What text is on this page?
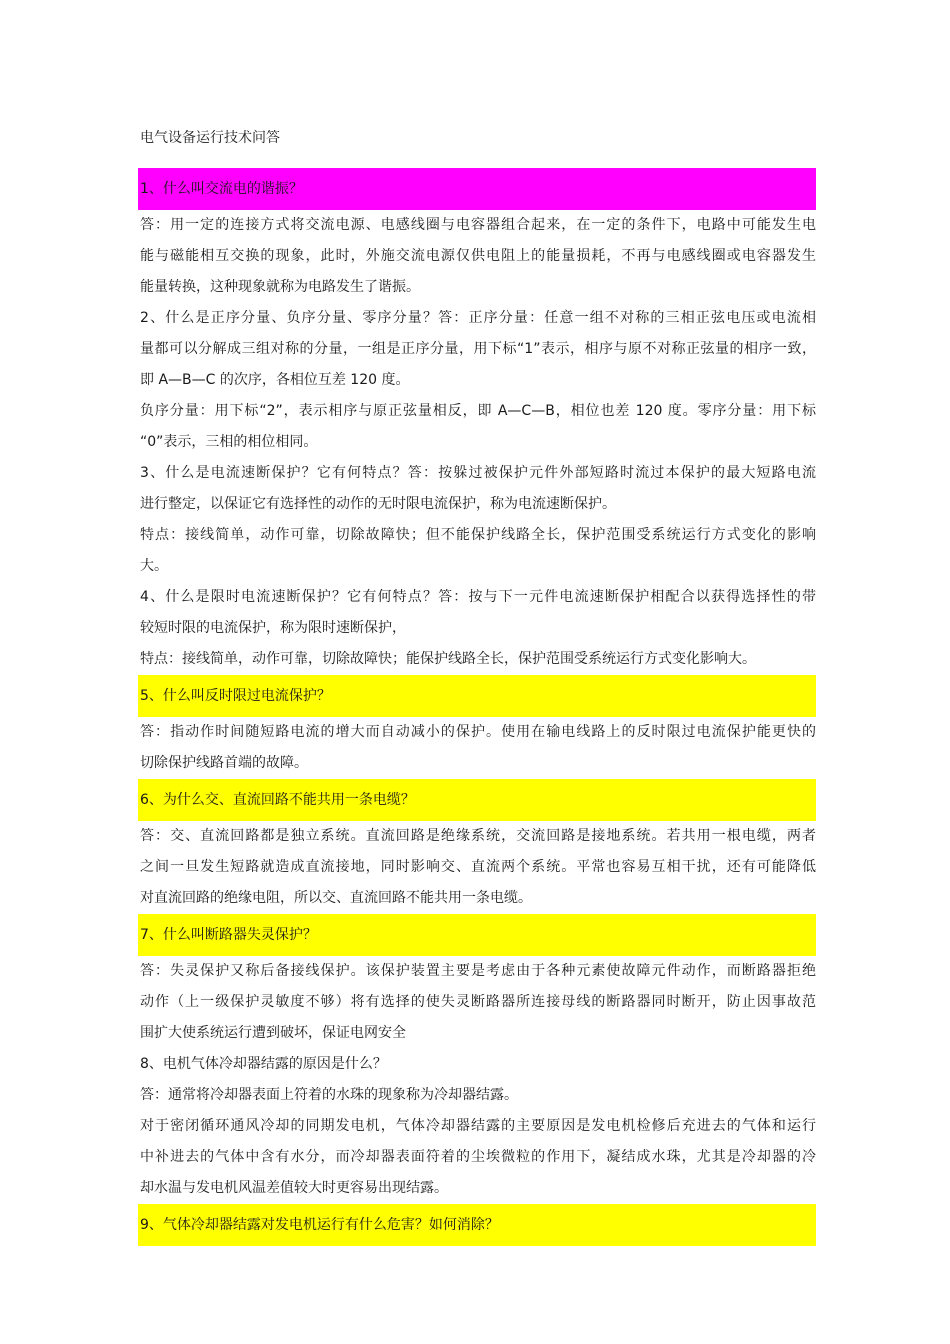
电气设备运行技术问答
1、什么叫交流电的谐振？
答：用一定的连接方式将交流电源、电感线圈与电容器组合起来，在一定的条件下，电路中可能发生电
能与磁能相互交换的现象，此时，外施交流电源仅供电阻上的能量损耗，不再与电感线圈或电容器发生
能量转换，这种现象就称为电路发生了谐振。
2、什么是正序分量、负序分量、零序分量？答：正序分量：任意一组不对称的三相正弦电压或电流相
量都可以分解成三组对称的分量，一组是正序分量，用下标“1”表示，相序与原不对称正弦量的相序一致，
即 A—B—C 的次序，各相位互差 120 度。
负序分量：用下标“2”，表示相序与原正弦量相反，即 A—C—B，相位也差 120 度。零序分量：用下标
“0”表示，三相的相位相同。
3、什么是电流速断保护？它有何特点？答：按躲过被保护元件外部短路时流过本保护的最大短路电流
进行整定，以保证它有选择性的动作的无时限电流保护，称为电流速断保护。
特点：接线简单，动作可靠，切除故障快；但不能保护线路全长，保护范围受系统运行方式变化的影响
大。
4、什么是限时电流速断保护？它有何特点？答：按与下一元件电流速断保护相配合以获得选择性的带
较短时限的电流保护，称为限时速断保护，
特点：接线简单，动作可靠，切除故障快；能保护线路全长，保护范围受系统运行方式变化影响大。
5、什么叫反时限过电流保护？
答：指动作时间随短路电流的增大而自动减小的保护。使用在输电线路上的反时限过电流保护能更快的
切除保护线路首端的故障。
6、为什么交、直流回路不能共用一条电缆？
答：交、直流回路都是独立系统。直流回路是绝缘系统，交流回路是接地系统。若共用一根电缆，两者
之间一旦发生短路就造成直流接地，同时影响交、直流两个系统。平常也容易互相干扰，还有可能降低
对直流回路的绝缘电阻，所以交、直流回路不能共用一条电缆。
7、什么叫断路器失灵保护？
答：失灵保护又称后备接线保护。该保护装置主要是考虑由于各种元素使故障元件动作，而断路器拒绝
动作（上一级保护灵敏度不够）将有选择的使失灵断路器所连接母线的断路器同时断开，防止因事故范
围扩大使系统运行遭到破坏，保证电网安全
8、电机气体冷却器结露的原因是什么？
答：通常将冷却器表面上符着的水珠的现象称为冷却器结露。
对于密闭循环通风冷却的同期发电机，气体冷却器结露的主要原因是发电机检修后充进去的气体和运行
中补进去的气体中含有水分，而冷却器表面符着的尘埃微粒的作用下，凝结成水珠，尤其是冷却器的冷
却水温与发电机风温差值较大时更容易出现结露。
9、气体冷却器结露对发电机运行有什么危害？如何消除？
